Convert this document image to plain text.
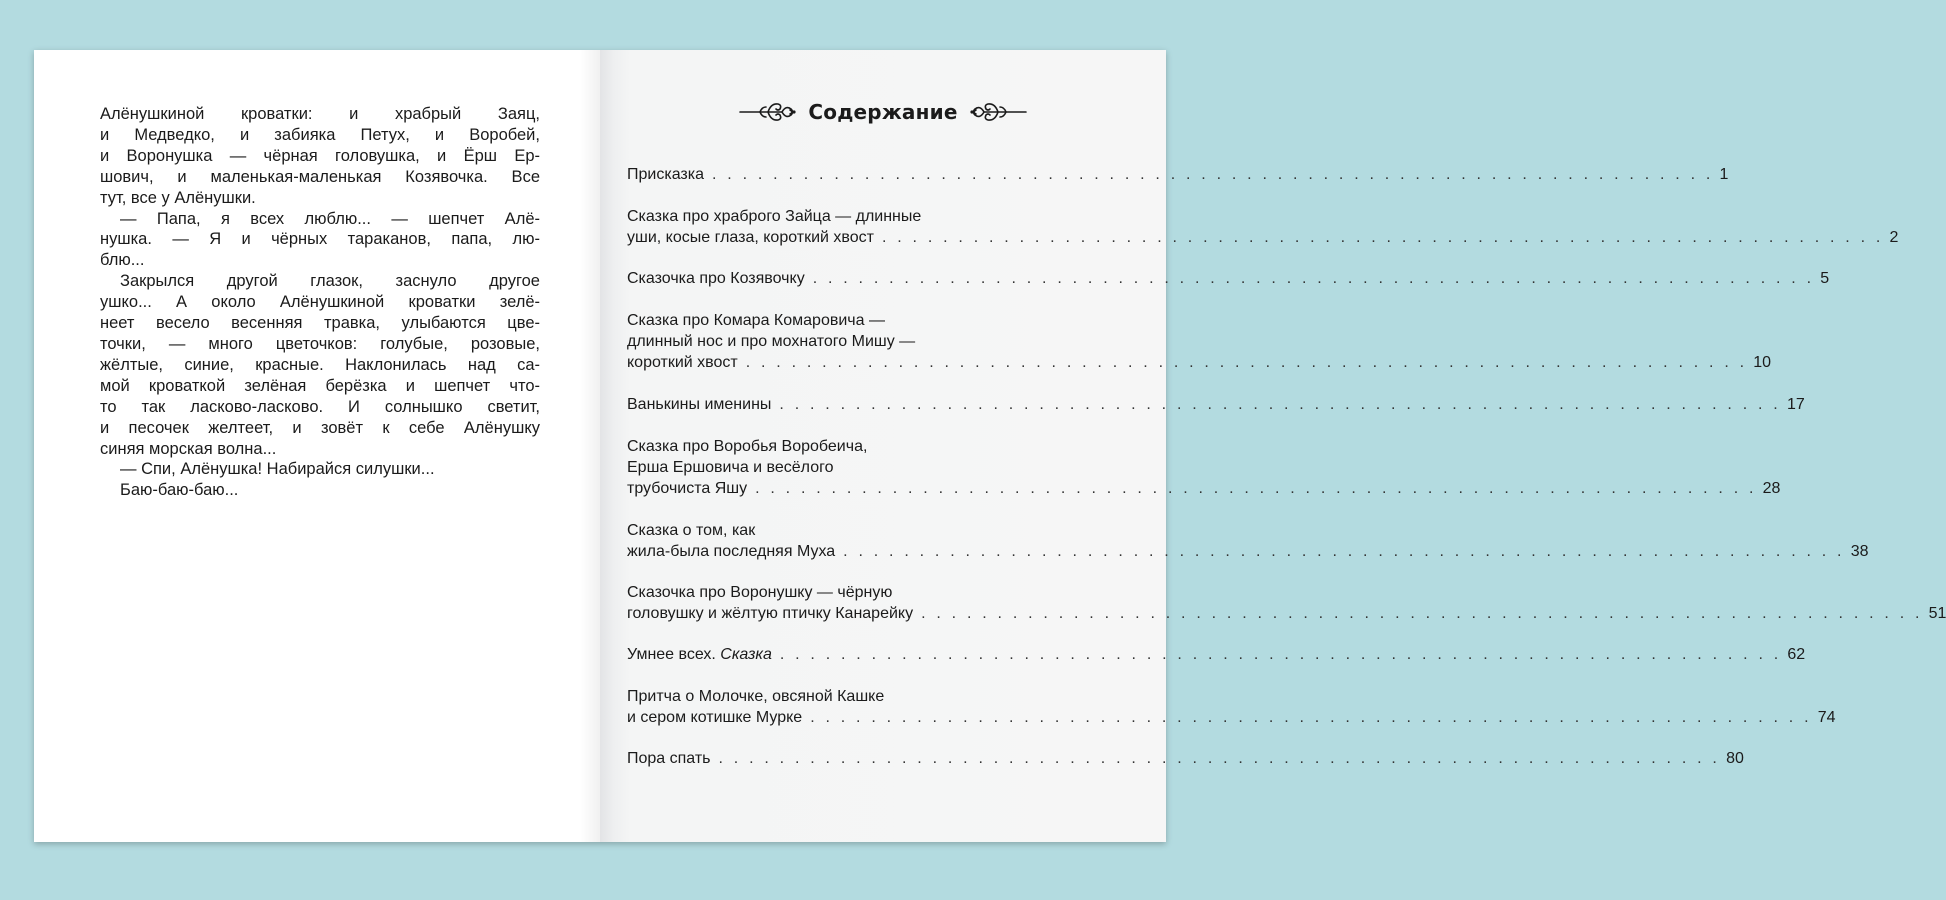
Алёнушкиной кроватки: и храбрый Заяц,
и Медведко, и забияка Петух, и Воробей,
и Воронушка — чёрная головушка, и Ёрш Ер-
шович, и маленькая-маленькая Козявочка. Все
тут, все у Алёнушки.
— Папа, я всех люблю... — шепчет Алё-
нушка. — Я и чёрных тараканов, папа, лю-
блю...
Закрылся другой глазок, заснуло другое
ушко... А около Алёнушкиной кроватки зелё-
неет весело весенняя травка, улыбаются цве-
точки, — много цветочков: голубые, розовые,
жёлтые, синие, красные. Наклонилась над са-
мой кроваткой зелёная берёзка и шепчет что-
то так ласково-ласково. И солнышко светит,
и песочек желтеет, и зовёт к себе Алёнушку
синяя морская волна...
— Спи, Алёнушка! Набирайся силушки...
Баю-баю-баю...
Содержание
Присказка . . . . . . . . . . . . . . . . . . . . . . . . . . . . . . . . . . . . . . . . . . . . . . . . . . . . . . . . . . . . . . . . . . 1
Сказка про храброго Зайца — длинные
уши, косые глаза, короткий хвост . . . . . . . . . . . . . . . . . . . . . . . . . . . . . . . . . . . . . . . . . . . . . . . . . . . . . . . . . . . . . . . . . . 2
Сказочка про Козявочку . . . . . . . . . . . . . . . . . . . . . . . . . . . . . . . . . . . . . . . . . . . . . . . . . . . . . . . . . . . . . . . . . . 5
Сказка про Комара Комаровича —
длинный нос и про мохнатого Мишу —
короткий хвост . . . . . . . . . . . . . . . . . . . . . . . . . . . . . . . . . . . . . . . . . . . . . . . . . . . . . . . . . . . . . . . . . . 10
Ванькины именины . . . . . . . . . . . . . . . . . . . . . . . . . . . . . . . . . . . . . . . . . . . . . . . . . . . . . . . . . . . . . . . . . . 17
Сказка про Воробья Воробеича,
Ерша Ершовича и весёлого
трубочиста Яшу . . . . . . . . . . . . . . . . . . . . . . . . . . . . . . . . . . . . . . . . . . . . . . . . . . . . . . . . . . . . . . . . . . 28
Сказка о том, как
жила-была последняя Муха . . . . . . . . . . . . . . . . . . . . . . . . . . . . . . . . . . . . . . . . . . . . . . . . . . . . . . . . . . . . . . . . . . 38
Сказочка про Воронушку — чёрную
головушку и жёлтую птичку Канарейку . . . . . . . . . . . . . . . . . . . . . . . . . . . . . . . . . . . . . . . . . . . . . . . . . . . . . . . . . . . . . . . . . . 51
Умнее всех. Сказка . . . . . . . . . . . . . . . . . . . . . . . . . . . . . . . . . . . . . . . . . . . . . . . . . . . . . . . . . . . . . . . . . . 62
Притча о Молочке, овсяной Кашке
и сером котишке Мурке . . . . . . . . . . . . . . . . . . . . . . . . . . . . . . . . . . . . . . . . . . . . . . . . . . . . . . . . . . . . . . . . . . 74
Пора спать . . . . . . . . . . . . . . . . . . . . . . . . . . . . . . . . . . . . . . . . . . . . . . . . . . . . . . . . . . . . . . . . . . 80
